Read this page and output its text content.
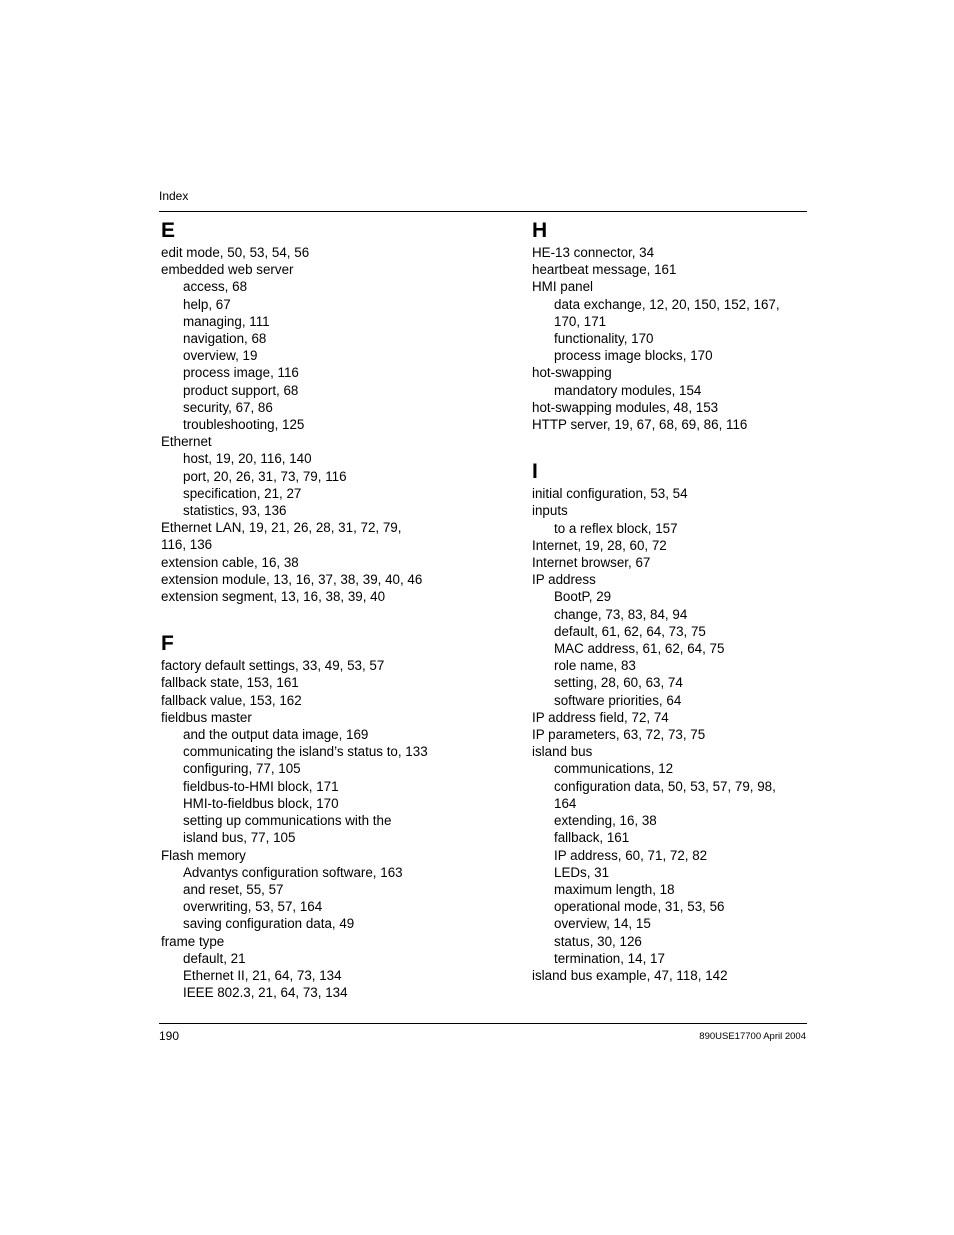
Index
E
edit mode, 50, 53, 54, 56
embedded web server
access, 68
help, 67
managing, 111
navigation, 68
overview, 19
process image, 116
product support, 68
security, 67, 86
troubleshooting, 125
Ethernet
host, 19, 20, 116, 140
port, 20, 26, 31, 73, 79, 116
specification, 21, 27
statistics, 93, 136
Ethernet LAN, 19, 21, 26, 28, 31, 72, 79,
116, 136
extension cable, 16, 38
extension module, 13, 16, 37, 38, 39, 40, 46
extension segment, 13, 16, 38, 39, 40
F
factory default settings, 33, 49, 53, 57
fallback state, 153, 161
fallback value, 153, 162
fieldbus master
and the output data image, 169
communicating the island’s status to, 133
configuring, 77, 105
fieldbus-to-HMI block, 171
HMI-to-fieldbus block, 170
setting up communications with the
island bus, 77, 105
Flash memory
Advantys configuration software, 163
and reset, 55, 57
overwriting, 53, 57, 164
saving configuration data, 49
frame type
default, 21
Ethernet II, 21, 64, 73, 134
IEEE 802.3, 21, 64, 73, 134
H
HE-13 connector, 34
heartbeat message, 161
HMI panel
data exchange, 12, 20, 150, 152, 167,
170, 171
functionality, 170
process image blocks, 170
hot-swapping
mandatory modules, 154
hot-swapping modules, 48, 153
HTTP server, 19, 67, 68, 69, 86, 116
I
initial configuration, 53, 54
inputs
to a reflex block, 157
Internet, 19, 28, 60, 72
Internet browser, 67
IP address
BootP, 29
change, 73, 83, 84, 94
default, 61, 62, 64, 73, 75
MAC address, 61, 62, 64, 75
role name, 83
setting, 28, 60, 63, 74
software priorities, 64
IP address field, 72, 74
IP parameters, 63, 72, 73, 75
island bus
communications, 12
configuration data, 50, 53, 57, 79, 98,
164
extending, 16, 38
fallback, 161
IP address, 60, 71, 72, 82
LEDs, 31
maximum length, 18
operational mode, 31, 53, 56
overview, 14, 15
status, 30, 126
termination, 14, 17
island bus example, 47, 118, 142
190	890USE17700 April 2004
